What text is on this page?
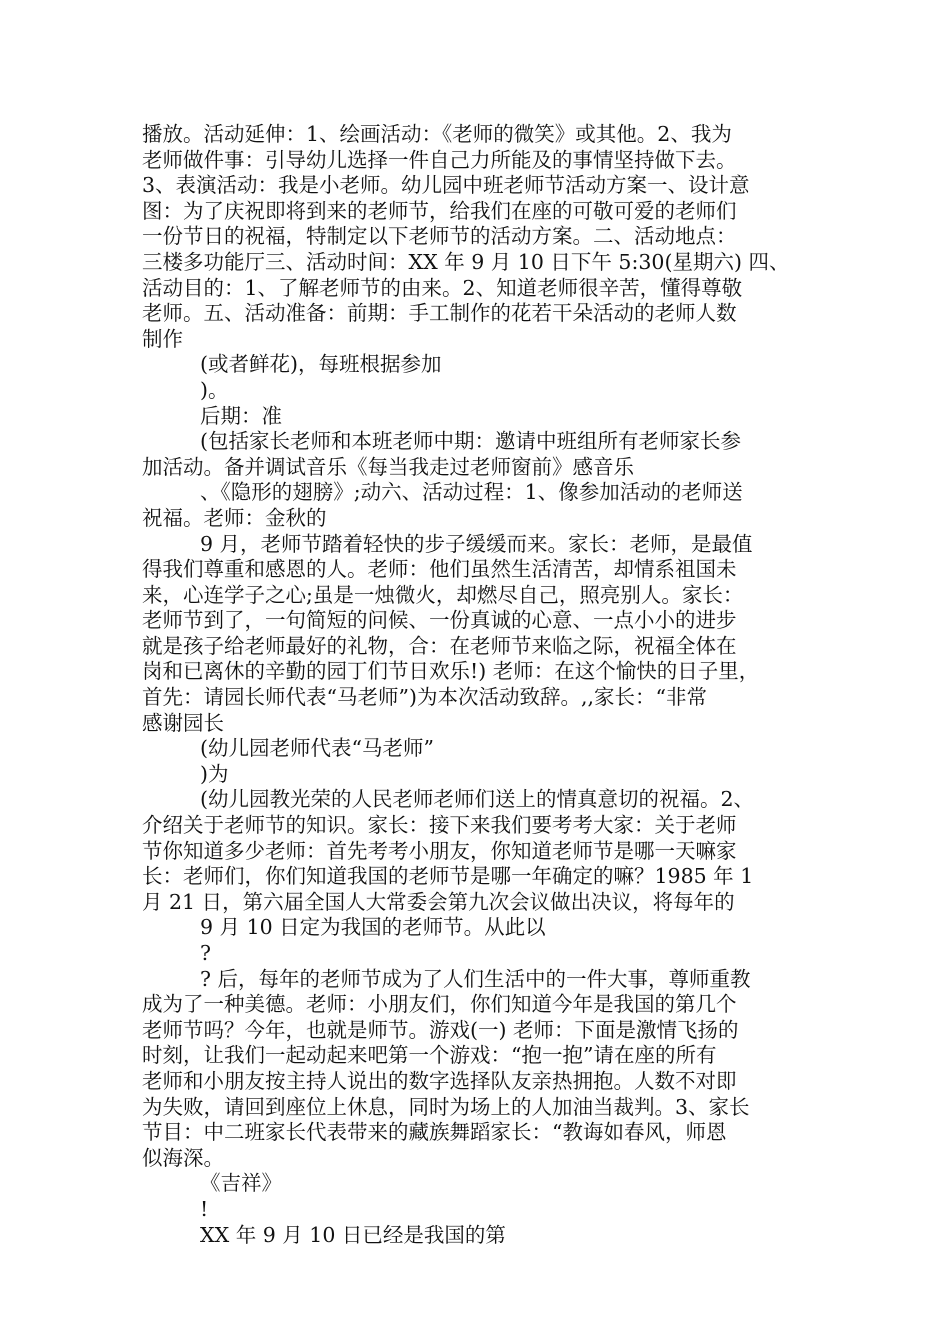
播放。活动延伸：1、绘画活动：《老师的微笑》或其他。2、我为
老师做件事：引导幼儿选择一件自己力所能及的事情坚持做下去。
3、表演活动：我是小老师。幼儿园中班老师节活动方案一、设计意
图：为了庆祝即将到来的老师节，给我们在座的可敬可爱的老师们
一份节日的祝福，特制定以下老师节的活动方案。二、活动地点：
三楼多功能厅三、活动时间：XX 年 9 月 10 日下午 5:30(星期六) 四、
活动目的：1、了解老师节的由来。2、知道老师很辛苦，懂得尊敬
老师。五、活动准备：前期：手工制作的花若干朵活动的老师人数
制作
(或者鲜花)，每班根据参加
)。
后期：准
(包括家长老师和本班老师中期：邀请中班组所有老师家长参
加活动。备并调试音乐《每当我走过老师窗前》感音乐
、《隐形的翅膀》;动六、活动过程：1、像参加活动的老师送
祝福。老师：金秋的
9 月，老师节踏着轻快的步子缓缓而来。家长：老师，是最值
得我们尊重和感恩的人。老师：他们虽然生活清苦，却情系祖国未
来，心连学子之心;虽是一烛微火，却燃尽自己，照亮别人。家长：
老师节到了，一句简短的问候、一份真诚的心意、一点小小的进步
就是孩子给老师最好的礼物，合：在老师节来临之际，祝福全体在
岗和已离休的辛勤的园丁们节日欢乐!) 老师：在这个愉快的日子里，
首先：请园长师代表“马老师”)为本次活动致辞。,,家长：“非常
感谢园长
(幼儿园老师代表“马老师”
)为
(幼儿园教光荣的人民老师老师们送上的情真意切的祝福。2、
介绍关于老师节的知识。家长：接下来我们要考考大家：关于老师
节你知道多少老师：首先考考小朋友，你知道老师节是哪一天嘛家
长：老师们，你们知道我国的老师节是哪一年确定的嘛？1985 年 1
月 21 日，第六届全国人大常委会第九次会议做出决议，将每年的
9 月 10 日定为我国的老师节。从此以
?
? 后，每年的老师节成为了人们生活中的一件大事，尊师重教
成为了一种美德。老师：小朋友们，你们知道今年是我国的第几个
老师节吗？今年，也就是师节。游戏(一) 老师：下面是激情飞扬的
时刻，让我们一起动起来吧第一个游戏：“抱一抱”请在座的所有
老师和小朋友按主持人说出的数字选择队友亲热拥抱。人数不对即
为失败，请回到座位上休息，同时为场上的人加油当裁判。3、家长
节目：中二班家长代表带来的藏族舞蹈家长：“教诲如春风，师恩
似海深。
《吉祥》
!
XX 年 9 月 10 日已经是我国的第
